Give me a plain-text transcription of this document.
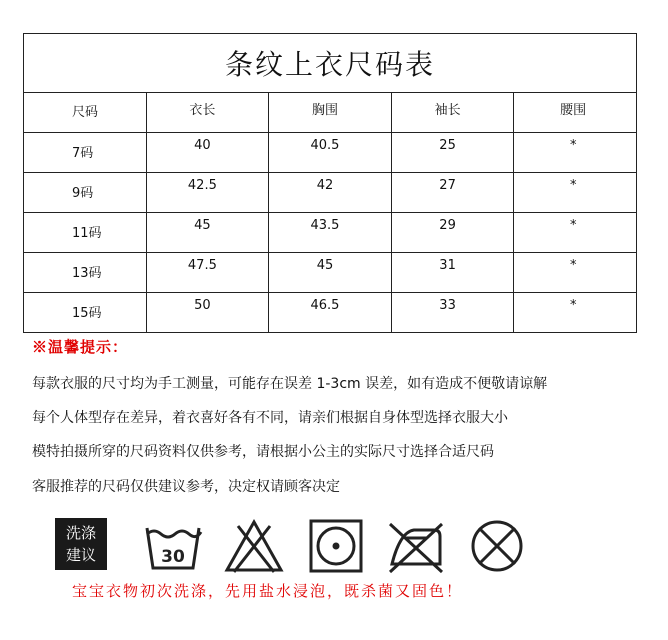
条纹上衣尺码表				

尺码	衣长	胸围	袖长	腰围

7码	40	40.5	25	*

9码	42.5	42	27	*

11码	45	43.5	29	*

13码	47.5	45	31	*

15码	50	46.5	33	*
※温馨提示：
每款衣服的尺寸均为手工测量，可能存在误差 1-3cm 误差，如有造成不便敬请谅解
每个人体型存在差异，着衣喜好各有不同，请亲们根据自身体型选择衣服大小
模特拍摄所穿的尺码资料仅供参考，请根据小公主的实际尺寸选择合适尺码
客服推荐的尺码仅供建议参考，决定权请顾客决定
洗涤
建议	30
宝宝衣物初次洗涤，先用盐水浸泡，既杀菌又固色！
